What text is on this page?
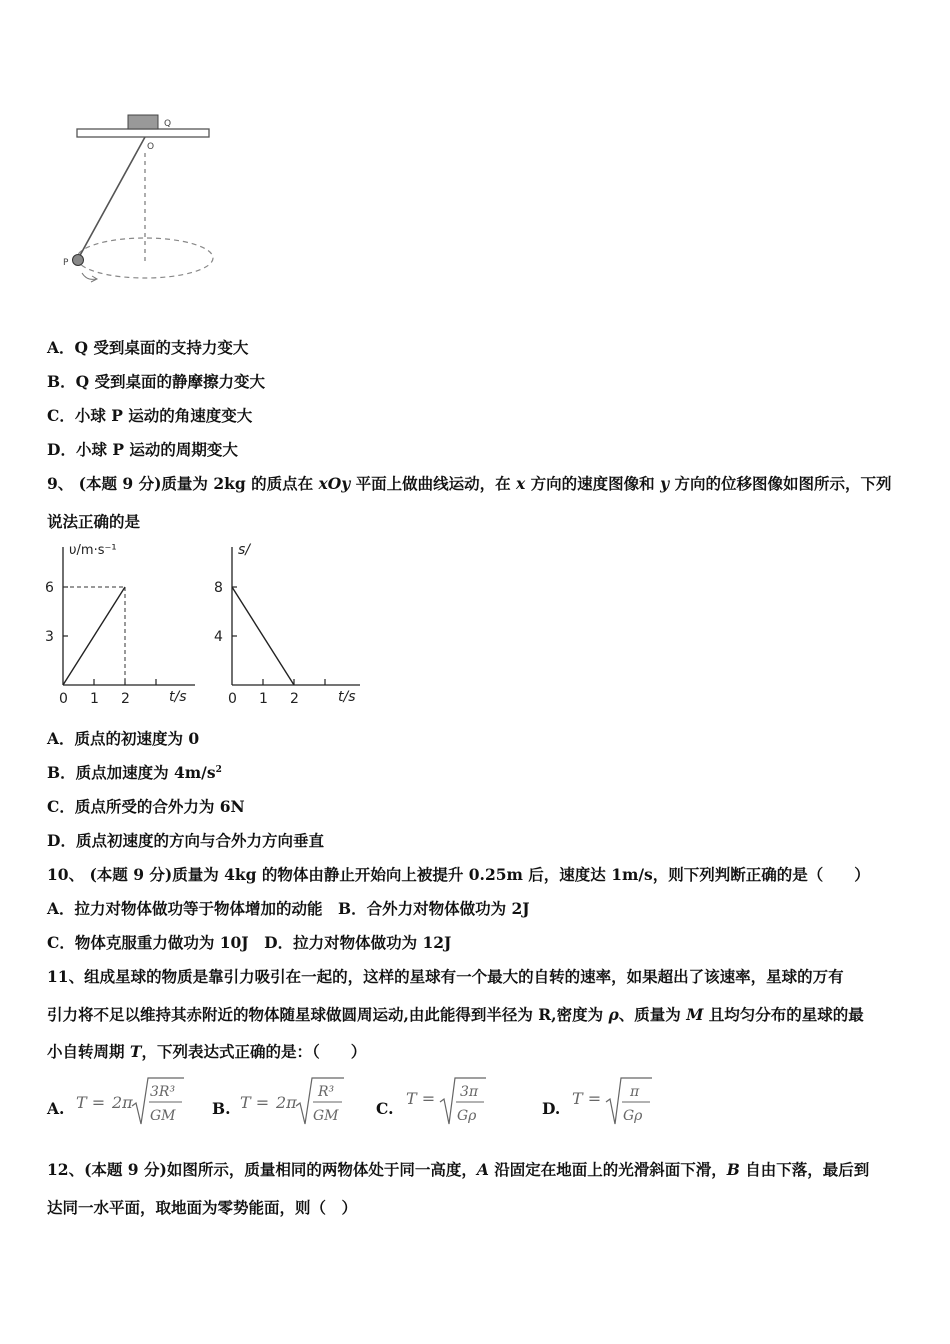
Q
O
P
A．Q 受到桌面的支持力变大
B．Q 受到桌面的静摩擦力变大
C．小球 P 运动的角速度变大
D．小球 P 运动的周期变大
9、 (本题 9 分)质量为 2kg 的质点在 xOy 平面上做曲线运动，在 x 方向的速度图像和 y 方向的位移图像如图所示，下列
说法正确的是
υ/m·s⁻¹
t/s
0 1 2
3
6
s/
t/s
0 1 2
4
8
A．质点的初速度为 0
B．质点加速度为 $4m/s^2$
C．质点所受的合外力为 6N
D．质点初速度的方向与合外力方向垂直
10、 (本题 9 分)质量为 4kg 的物体由静止开始向上被提升 0.25m 后，速度达 1m/s，则下列判断正确的是（　　）
A．拉力对物体做功等于物体增加的动能　B．合外力对物体做功为 2J
C．物体克服重力做功为 10J　D．拉力对物体做功为 12J
11、组成星球的物质是靠引力吸引在一起的，这样的星球有一个最大的自转的速率，如果超出了该速率，星球的万有
引力将不足以维持其赤附近的物体随星球做圆周运动,由此能得到半径为 R,密度为 ρ、质量为 M 且均匀分布的星球的最
小自转周期 T，下列表达式正确的是：（　　）
A. T = 2π
3R³
GM B. T = 2π
R³
GM C.
T = 3π
Gρ	D.
T = π
Gρ
12、(本题 9 分)如图所示，质量相同的两物体处于同一高度，A 沿固定在地面上的光滑斜面下滑，B 自由下落，最后到
达同一水平面，取地面为零势能面，则（　）
